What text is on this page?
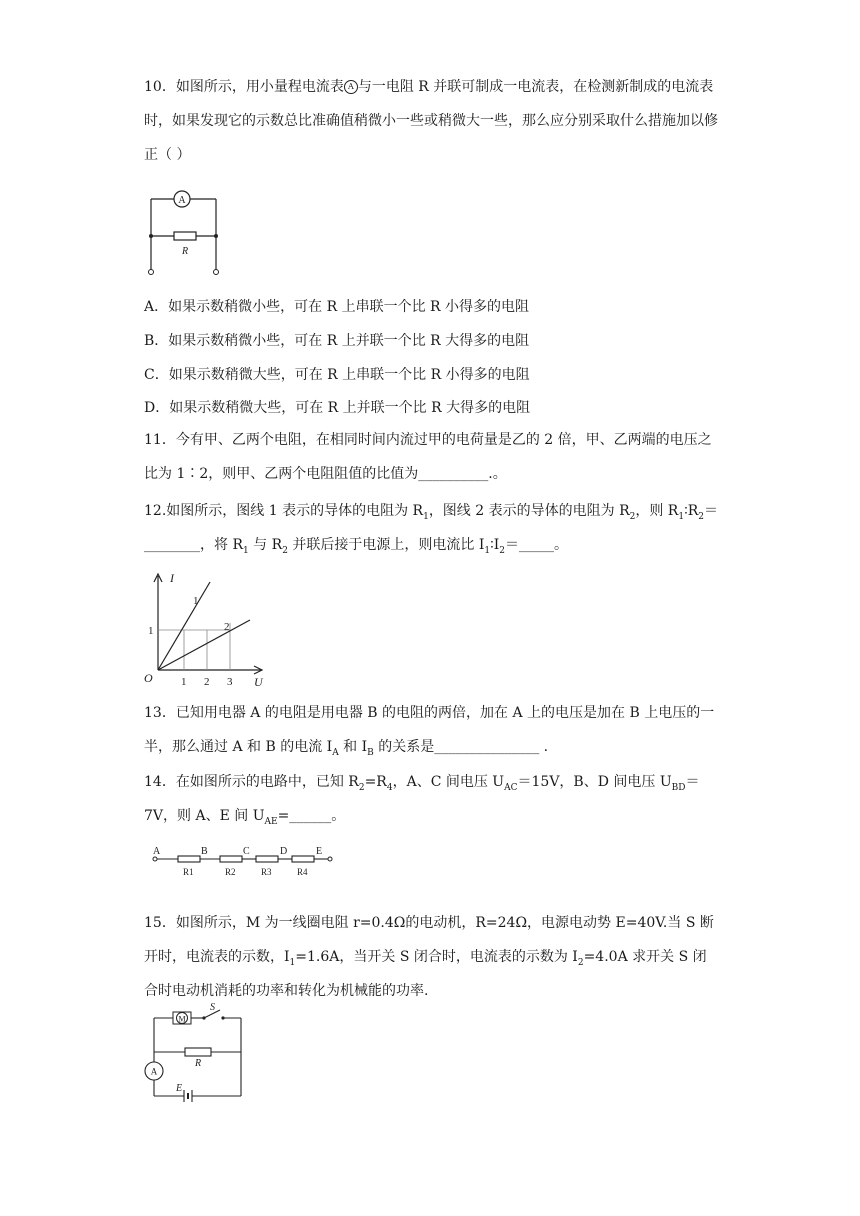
10．如图所示，用小量程电流表 A 与一电阻 R 并联可制成一电流表，在检测新制成的电流表时，如果发现它的示数总比准确值稍微小一些或稍微大一些，那么应分别采取什么措施加以修正（ ）

A
R

A．如果示数稍微小些，可在 R 上串联一个比 R 小得多的电阻

B．如果示数稍微小些，可在 R 上并联一个比 R 大得多的电阻

C．如果示数稍微大些，可在 R 上串联一个比 R 小得多的电阻

D．如果示数稍微大些，可在 R 上并联一个比 R 大得多的电阻

11．今有甲、乙两个电阻，在相同时间内流过甲的电荷量是乙的 2 倍，甲、乙两端的电压之比为 1∶2，则甲、乙两个电阻阻值的比值为__________.。

12.如图所示，图线 1 表示的导体的电阻为 $R_1$，图线 2 表示的导体的电阻为 $R_2$，则 $R_1∶R_2=\_\_\_\_\_\_\_\_$，将 $R_1$ 与 $R_2$ 并联后接于电源上，则电流比 $I_1∶I_2=\_\_\_\_\_$。

I
U
O
1
1 2 3
1
2

13．已知用电器 A 的电阻是用电器 B 的电阻的两倍，加在 A 上的电压是加在 B 上电压的一半，那么通过 A 和 B 的电流 $I_A$ 和 $I_B$ 的关系是_______________ .

14．在如图所示的电路中，已知 $R_2=R_4$，A、C 间电压 $U_{AC}=15V$，B、D 间电压 $U_{BD}=7V$，则 A、E 间 $U_{AE}=\_\_\_\_\_\_$。

A	B	C	D	E
R1	R2	R3	R4

15．如图所示，M 为一线圈电阻 r=0.4Ω的电动机，R=24Ω，电源电动势 E=40V.当 S 断开时，电流表的示数，$I_1=1.6A$，当开关 S 闭合时，电流表的示数为 $I_2=4.0A$ 求开关 S 闭合时电动机消耗的功率和转化为机械能的功率.

M
S
R
A
E
